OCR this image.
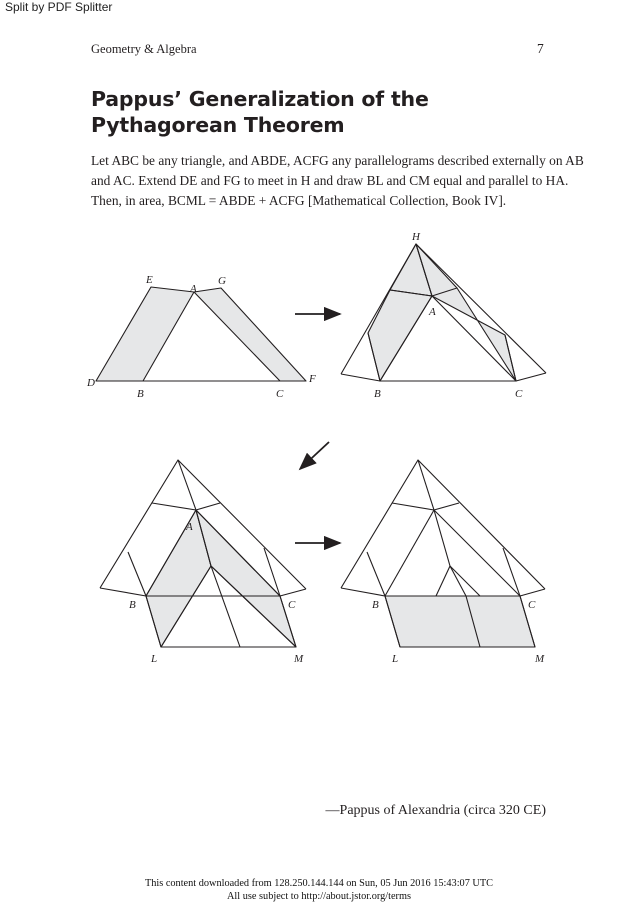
Split by PDF Splitter
Geometry & Algebra	7
Pappus’ Generalization of the Pythagorean Theorem

Let ABC be any triangle, and ABDE, ACFG any parallelograms described externally on AB

and AC. Extend DE and FG to meet in H and draw BL and CM equal and parallel to HA.

Then, in area, BCML = ABDE + ACFG [Mathematical Collection, Book IV].

E
A
G
D
B	C
F
H
A
B	C
A
B	C
L	M
B	C
L	M
—Pappus of Alexandria (circa 320 CE)

This content downloaded from 128.250.144.144 on Sun, 05 Jun 2016 15:43:07 UTC

All use subject to http://about.jstor.org/terms
